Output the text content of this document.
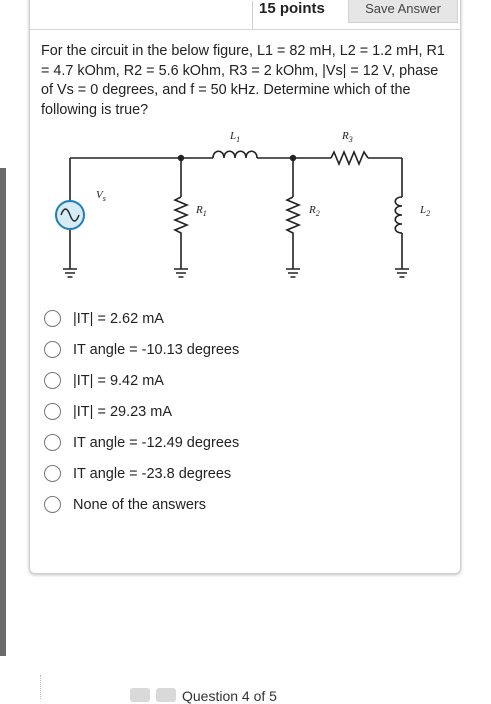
15 points	Save Answer
For the circuit in the below figure, L1 = 82 mH, L2 = 1.2 mH, R1 = 4.7 kOhm, R2 = 5.6 kOhm, R3 = 2 kOhm, |Vs| = 12 V, phase of Vs = 0 degrees, and f = 50 kHz. Determine which of the following is true?
$V_s$
$L_1$	$R_3$
$R_1$	$R_2$	$L_2$
|IT| = 2.62 mA
IT angle = -10.13 degrees
|IT| = 9.42 mA
|IT| = 29.23 mA
IT angle = -12.49 degrees
IT angle = -23.8 degrees
None of the answers
Question 4 of 5
